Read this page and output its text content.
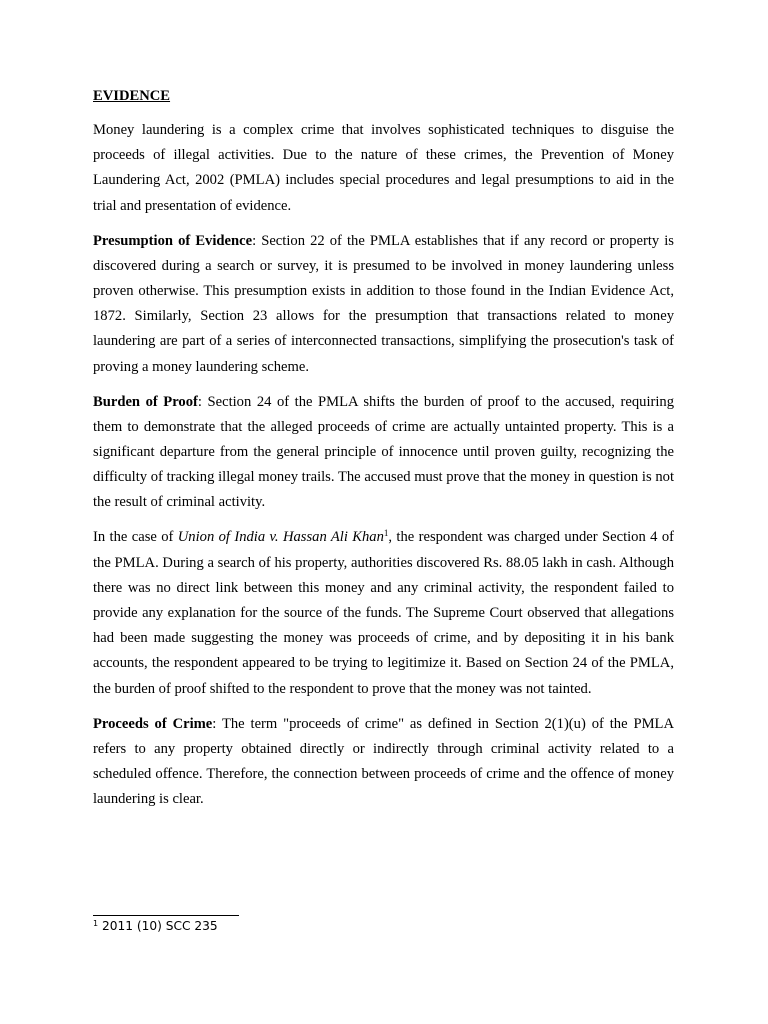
EVIDENCE

Money laundering is a complex crime that involves sophisticated techniques to disguise the proceeds of illegal activities. Due to the nature of these crimes, the Prevention of Money Laundering Act, 2002 (PMLA) includes special procedures and legal presumptions to aid in the trial and presentation of evidence.

Presumption of Evidence: Section 22 of the PMLA establishes that if any record or property is discovered during a search or survey, it is presumed to be involved in money laundering unless proven otherwise. This presumption exists in addition to those found in the Indian Evidence Act, 1872. Similarly, Section 23 allows for the presumption that transactions related to money laundering are part of a series of interconnected transactions, simplifying the prosecution's task of proving a money laundering scheme.

Burden of Proof: Section 24 of the PMLA shifts the burden of proof to the accused, requiring them to demonstrate that the alleged proceeds of crime are actually untainted property. This is a significant departure from the general principle of innocence until proven guilty, recognizing the difficulty of tracking illegal money trails. The accused must prove that the money in question is not the result of criminal activity.

In the case of Union of India v. Hassan Ali Khan$^1$, the respondent was charged under Section 4 of the PMLA. During a search of his property, authorities discovered Rs. 88.05 lakh in cash. Although there was no direct link between this money and any criminal activity, the respondent failed to provide any explanation for the source of the funds. The Supreme Court observed that allegations had been made suggesting the money was proceeds of crime, and by depositing it in his bank accounts, the respondent appeared to be trying to legitimize it. Based on Section 24 of the PMLA, the burden of proof shifted to the respondent to prove that the money was not tainted.

Proceeds of Crime: The term "proceeds of crime" as defined in Section 2(1)(u) of the PMLA refers to any property obtained directly or indirectly through criminal activity related to a scheduled offence. Therefore, the connection between proceeds of crime and the offence of money laundering is clear.

$^1$ 2011 (10) SCC 235
